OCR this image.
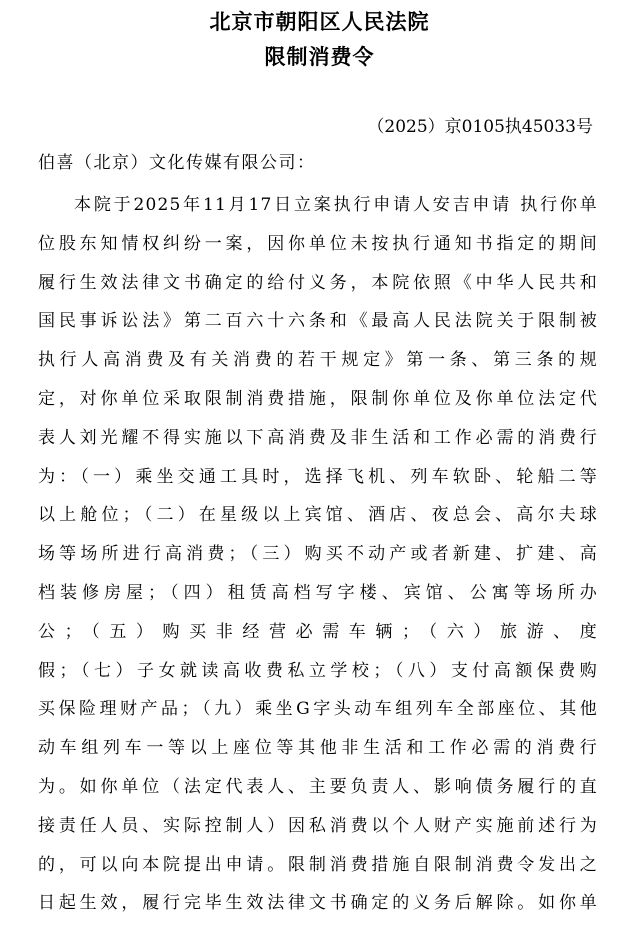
北京市朝阳区人民法院
限制消费令
（2025）京0105执45033号
伯喜（北京）文化传媒有限公司：
本院于2025年11月17日立案执行申请人安吉申请 执行你单
位股东知情权纠纷一案，因你单位未按执行通知书指定的期间
履行生效法律文书确定的给付义务，本院依照《中华人民共和
国民事诉讼法》第二百六十六条和《最高人民法院关于限制被
执行人高消费及有关消费的若干规定》第一条、第三条的规
定，对你单位采取限制消费措施，限制你单位及你单位法定代
表人刘光耀不得实施以下高消费及非生活和工作必需的消费行
为：（一）乘坐交通工具时，选择飞机、列车软卧、轮船二等
以上舱位；（二）在星级以上宾馆、酒店、夜总会、高尔夫球
场等场所进行高消费；（三）购买不动产或者新建、扩建、高
档装修房屋；（四）租赁高档写字楼、宾馆、公寓等场所办
公；（五）购买非经营必需车辆；（六）旅游、度
假；（七）子女就读高收费私立学校；（八）支付高额保费购
买保险理财产品；（九）乘坐G字头动车组列车全部座位、其他
动车组列车一等以上座位等其他非生活和工作必需的消费行
为。如你单位（法定代表人、主要负责人、影响债务履行的直
接责任人员、实际控制人）因私消费以个人财产实施前述行为
的，可以向本院提出申请。限制消费措施自限制消费令发出之
日起生效，履行完毕生效法律文书确定的义务后解除。如你单
